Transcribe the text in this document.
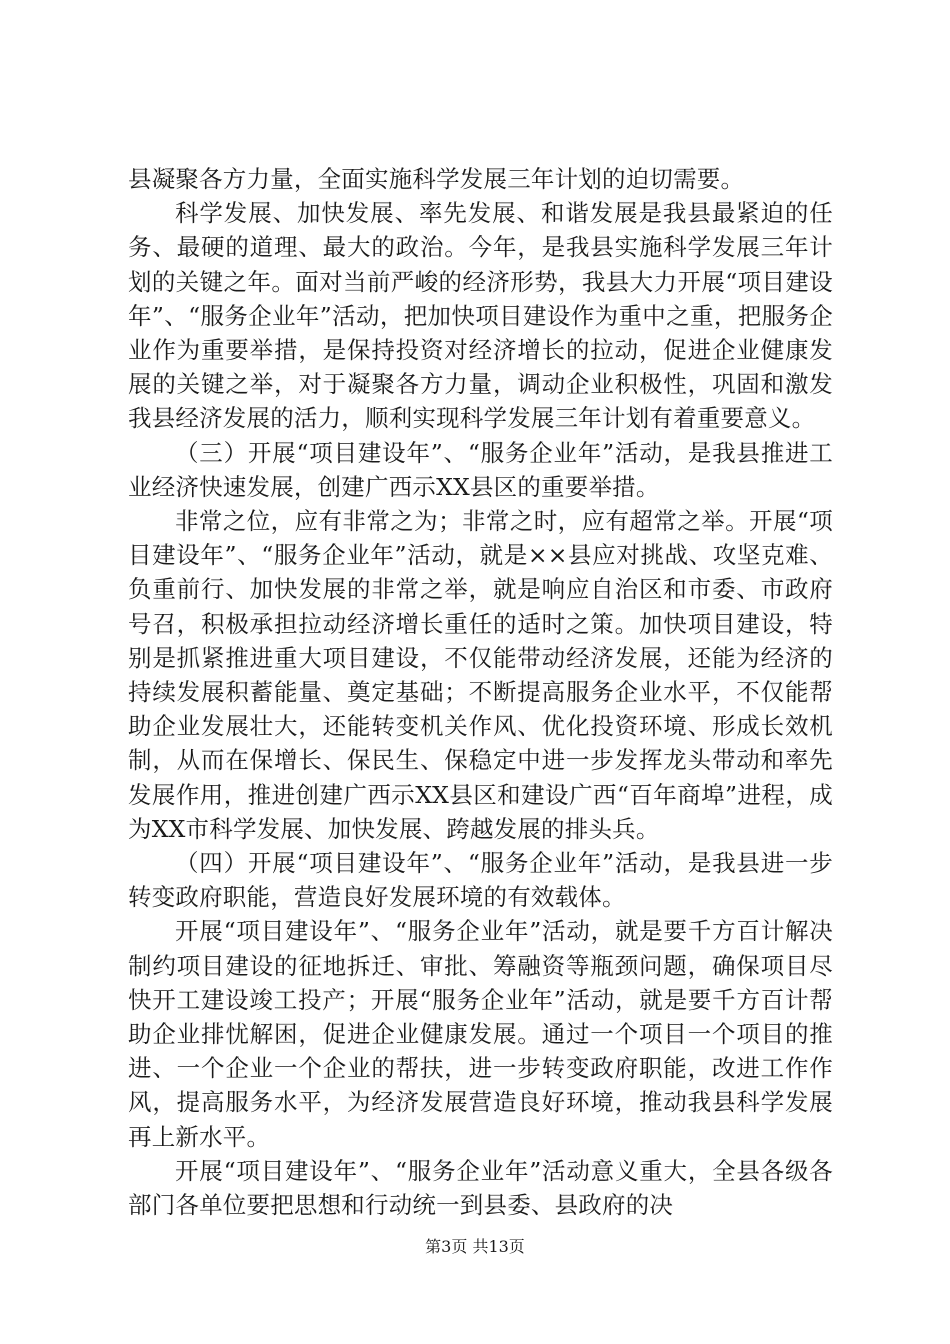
县凝聚各方力量，全面实施科学发展三年计划的迫切需要。

科学发展、加快发展、率先发展、和谐发展是我县最紧迫的任务、最硬的道理、最大的政治。今年，是我县实施科学发展三年计划的关键之年。面对当前严峻的经济形势，我县大力开展“项目建设年”、“服务企业年”活动，把加快项目建设作为重中之重，把服务企业作为重要举措，是保持投资对经济增长的拉动，促进企业健康发展的关键之举，对于凝聚各方力量，调动企业积极性，巩固和激发我县经济发展的活力，顺利实现科学发展三年计划有着重要意义。

（三）开展“项目建设年”、“服务企业年”活动，是我县推进工业经济快速发展，创建广西示XX县区的重要举措。

非常之位，应有非常之为；非常之时，应有超常之举。开展“项目建设年”、“服务企业年”活动，就是××县应对挑战、攻坚克难、负重前行、加快发展的非常之举，就是响应自治区和市委、市政府号召，积极承担拉动经济增长重任的适时之策。加快项目建设，特别是抓紧推进重大项目建设，不仅能带动经济发展，还能为经济的持续发展积蓄能量、奠定基础；不断提高服务企业水平，不仅能帮助企业发展壮大，还能转变机关作风、优化投资环境、形成长效机制，从而在保增长、保民生、保稳定中进一步发挥龙头带动和率先发展作用，推进创建广西示XX县区和建设广西“百年商埠”进程，成为XX市科学发展、加快发展、跨越发展的排头兵。

（四）开展“项目建设年”、“服务企业年”活动，是我县进一步转变政府职能，营造良好发展环境的有效载体。

开展“项目建设年”、“服务企业年”活动，就是要千方百计解决制约项目建设的征地拆迁、审批、筹融资等瓶颈问题，确保项目尽快开工建设竣工投产；开展“服务企业年”活动，就是要千方百计帮助企业排忧解困，促进企业健康发展。通过一个项目一个项目的推进、一个企业一个企业的帮扶，进一步转变政府职能，改进工作作风，提高服务水平，为经济发展营造良好环境，推动我县科学发展再上新水平。

开展“项目建设年”、“服务企业年”活动意义重大，全县各级各部门各单位要把思想和行动统一到县委、县政府的决

第3页 共13页
